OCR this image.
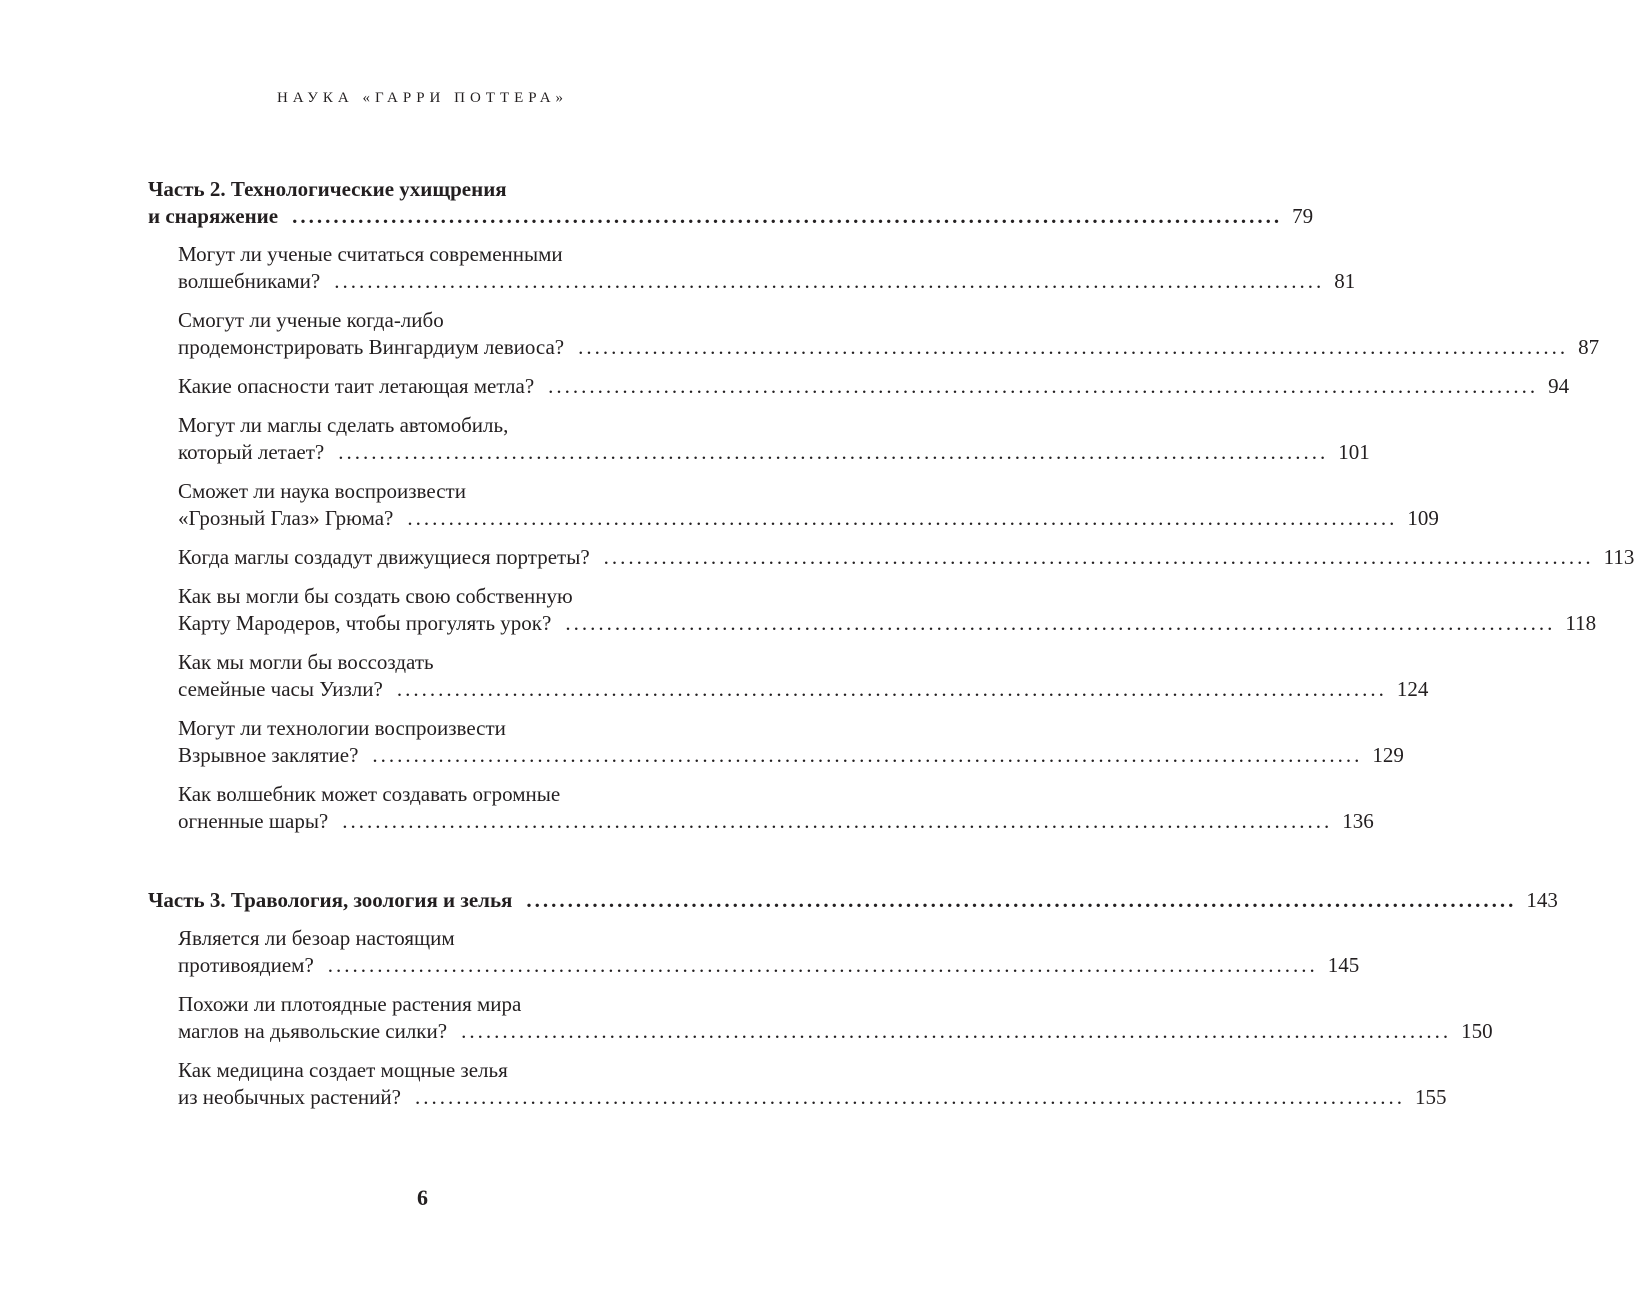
НАУКА «ГАРРИ ПОТТЕРА»
Часть 2. Технологические ухищрения
и снаряжение ........................................................................................................................ 79
Могут ли ученые считаться современными
волшебниками? ........................................................................................................................ 81
Смогут ли ученые когда-либо
продемонстрировать Вингардиум левиоса? ........................................................................................................................ 87
Какие опасности таит летающая метла? ........................................................................................................................ 94
Могут ли маглы сделать автомобиль,
который летает? ........................................................................................................................ 101
Сможет ли наука воспроизвести
«Грозный Глаз» Грюма? ........................................................................................................................ 109
Когда маглы создадут движущиеся портреты? ........................................................................................................................ 113
Как вы могли бы создать свою собственную
Карту Мародеров, чтобы прогулять урок? ........................................................................................................................ 118
Как мы могли бы воссоздать
семейные часы Уизли? ........................................................................................................................ 124
Могут ли технологии воспроизвести
Взрывное заклятие? ........................................................................................................................ 129
Как волшебник может создавать огромные
огненные шары? ........................................................................................................................ 136
Часть 3. Травология, зоология и зелья ........................................................................................................................ 143
Является ли безоар настоящим
противоядием? ........................................................................................................................ 145
Похожи ли плотоядные растения мира
маглов на дьявольские силки? ........................................................................................................................ 150
Как медицина создает мощные зелья
из необычных растений? ........................................................................................................................ 155
6
